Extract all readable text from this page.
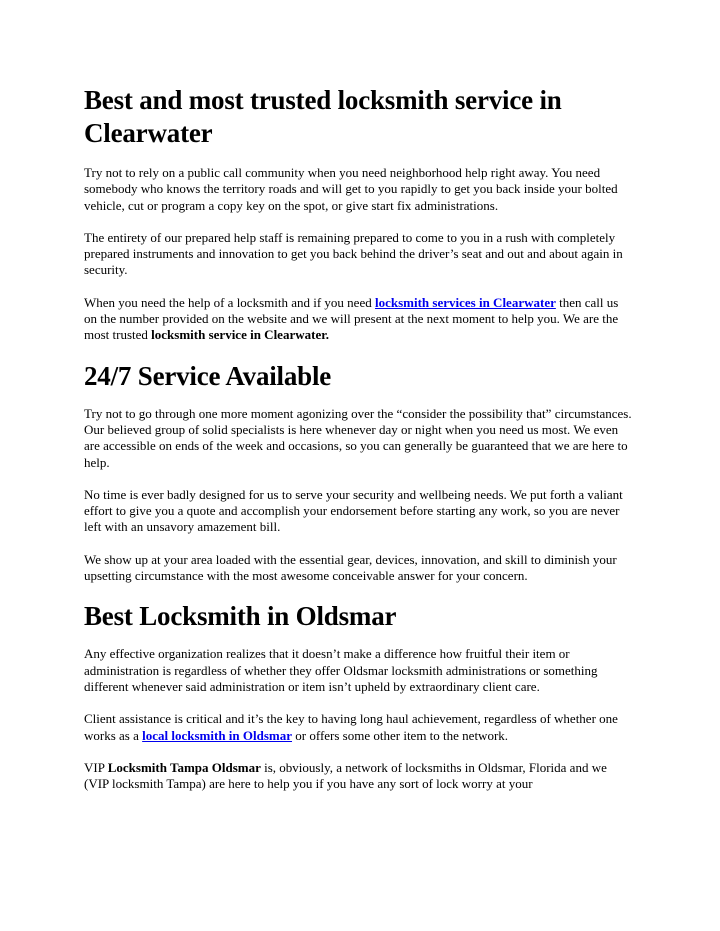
Best and most trusted locksmith service in Clearwater

Try not to rely on a public call community when you need neighborhood help right away. You need somebody who knows the territory roads and will get to you rapidly to get you back inside your bolted vehicle, cut or program a copy key on the spot, or give start fix administrations.

The entirety of our prepared help staff is remaining prepared to come to you in a rush with completely prepared instruments and innovation to get you back behind the driver’s seat and out and about again in security.

When you need the help of a locksmith and if you need locksmith services in Clearwater then call us on the number provided on the website and we will present at the next moment to help you. We are the most trusted locksmith service in Clearwater.

24/7 Service Available

Try not to go through one more moment agonizing over the “consider the possibility that” circumstances. Our believed group of solid specialists is here whenever day or night when you need us most. We even are accessible on ends of the week and occasions, so you can generally be guaranteed that we are here to help.

No time is ever badly designed for us to serve your security and wellbeing needs. We put forth a valiant effort to give you a quote and accomplish your endorsement before starting any work, so you are never left with an unsavory amazement bill.

We show up at your area loaded with the essential gear, devices, innovation, and skill to diminish your upsetting circumstance with the most awesome conceivable answer for your concern.

Best Locksmith in Oldsmar

Any effective organization realizes that it doesn’t make a difference how fruitful their item or administration is regardless of whether they offer Oldsmar locksmith administrations or something different whenever said administration or item isn’t upheld by extraordinary client care.

Client assistance is critical and it’s the key to having long haul achievement, regardless of whether one works as a local locksmith in Oldsmar or offers some other item to the network.

VIP Locksmith Tampa Oldsmar is, obviously, a network of locksmiths in Oldsmar, Florida and we (VIP locksmith Tampa) are here to help you if you have any sort of lock worry at your
